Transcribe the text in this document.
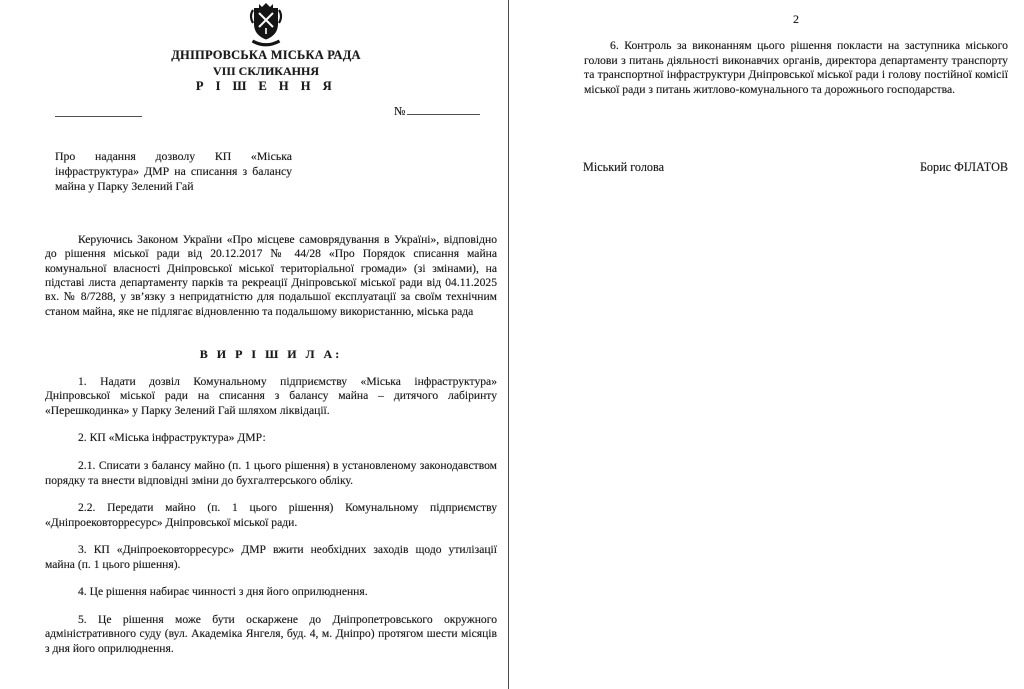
ДНІПРОВСЬКА МІСЬКА РАДА
VIII СКЛИКАННЯ
Р І Ш Е Н Н Я
№
Про надання дозволу КП «Міська інфраструктура» ДМР на списання з балансу майна у Парку Зелений Гай

Керуючись Законом України «Про місцеве самоврядування в Україні», відповідно до рішення міської ради від 20.12.2017 № 44/28 «Про Порядок списання майна комунальної власності Дніпровської міської територіальної громади» (зі змінами), на підставі листа департаменту парків та рекреації Дніпровської міської ради від 04.11.2025 вх. № 8/7288, у зв’язку з непридатністю для подальшої експлуатації за своїм технічним станом майна, яке не підлягає відновленню та подальшому використанню, міська рада

В И Р І Ш И Л А:

1. Надати дозвіл Комунальному підприємству «Міська інфраструктура» Дніпровської міської ради на списання з балансу майна – дитячого лабіринту «Перешкодинка» у Парку Зелений Гай шляхом ліквідації.

2. КП «Міська інфраструктура» ДМР:

2.1. Списати з балансу майно (п. 1 цього рішення) в установленому законодавством порядку та внести відповідні зміни до бухгалтерського обліку.

2.2. Передати майно (п. 1 цього рішення) Комунальному підприємству «Дніпроековторресурс» Дніпровської міської ради.

3. КП «Дніпроековторресурс» ДМР вжити необхідних заходів щодо утилізації майна (п. 1 цього рішення).

4. Це рішення набирає чинності з дня його оприлюднення.

5. Це рішення може бути оскаржене до Дніпропетровського окружного адміністративного суду (вул. Академіка Янгеля, буд. 4, м. Дніпро) протягом шести місяців з дня його оприлюднення.

2

6. Контроль за виконанням цього рішення покласти на заступника міського голови з питань діяльності виконавчих органів, директора департаменту транспорту та транспортної інфраструктури Дніпровської міської ради і голову постійної комісії міської ради з питань житлово-комунального та дорожнього господарства.

Міський голова	Борис ФІЛАТОВ
